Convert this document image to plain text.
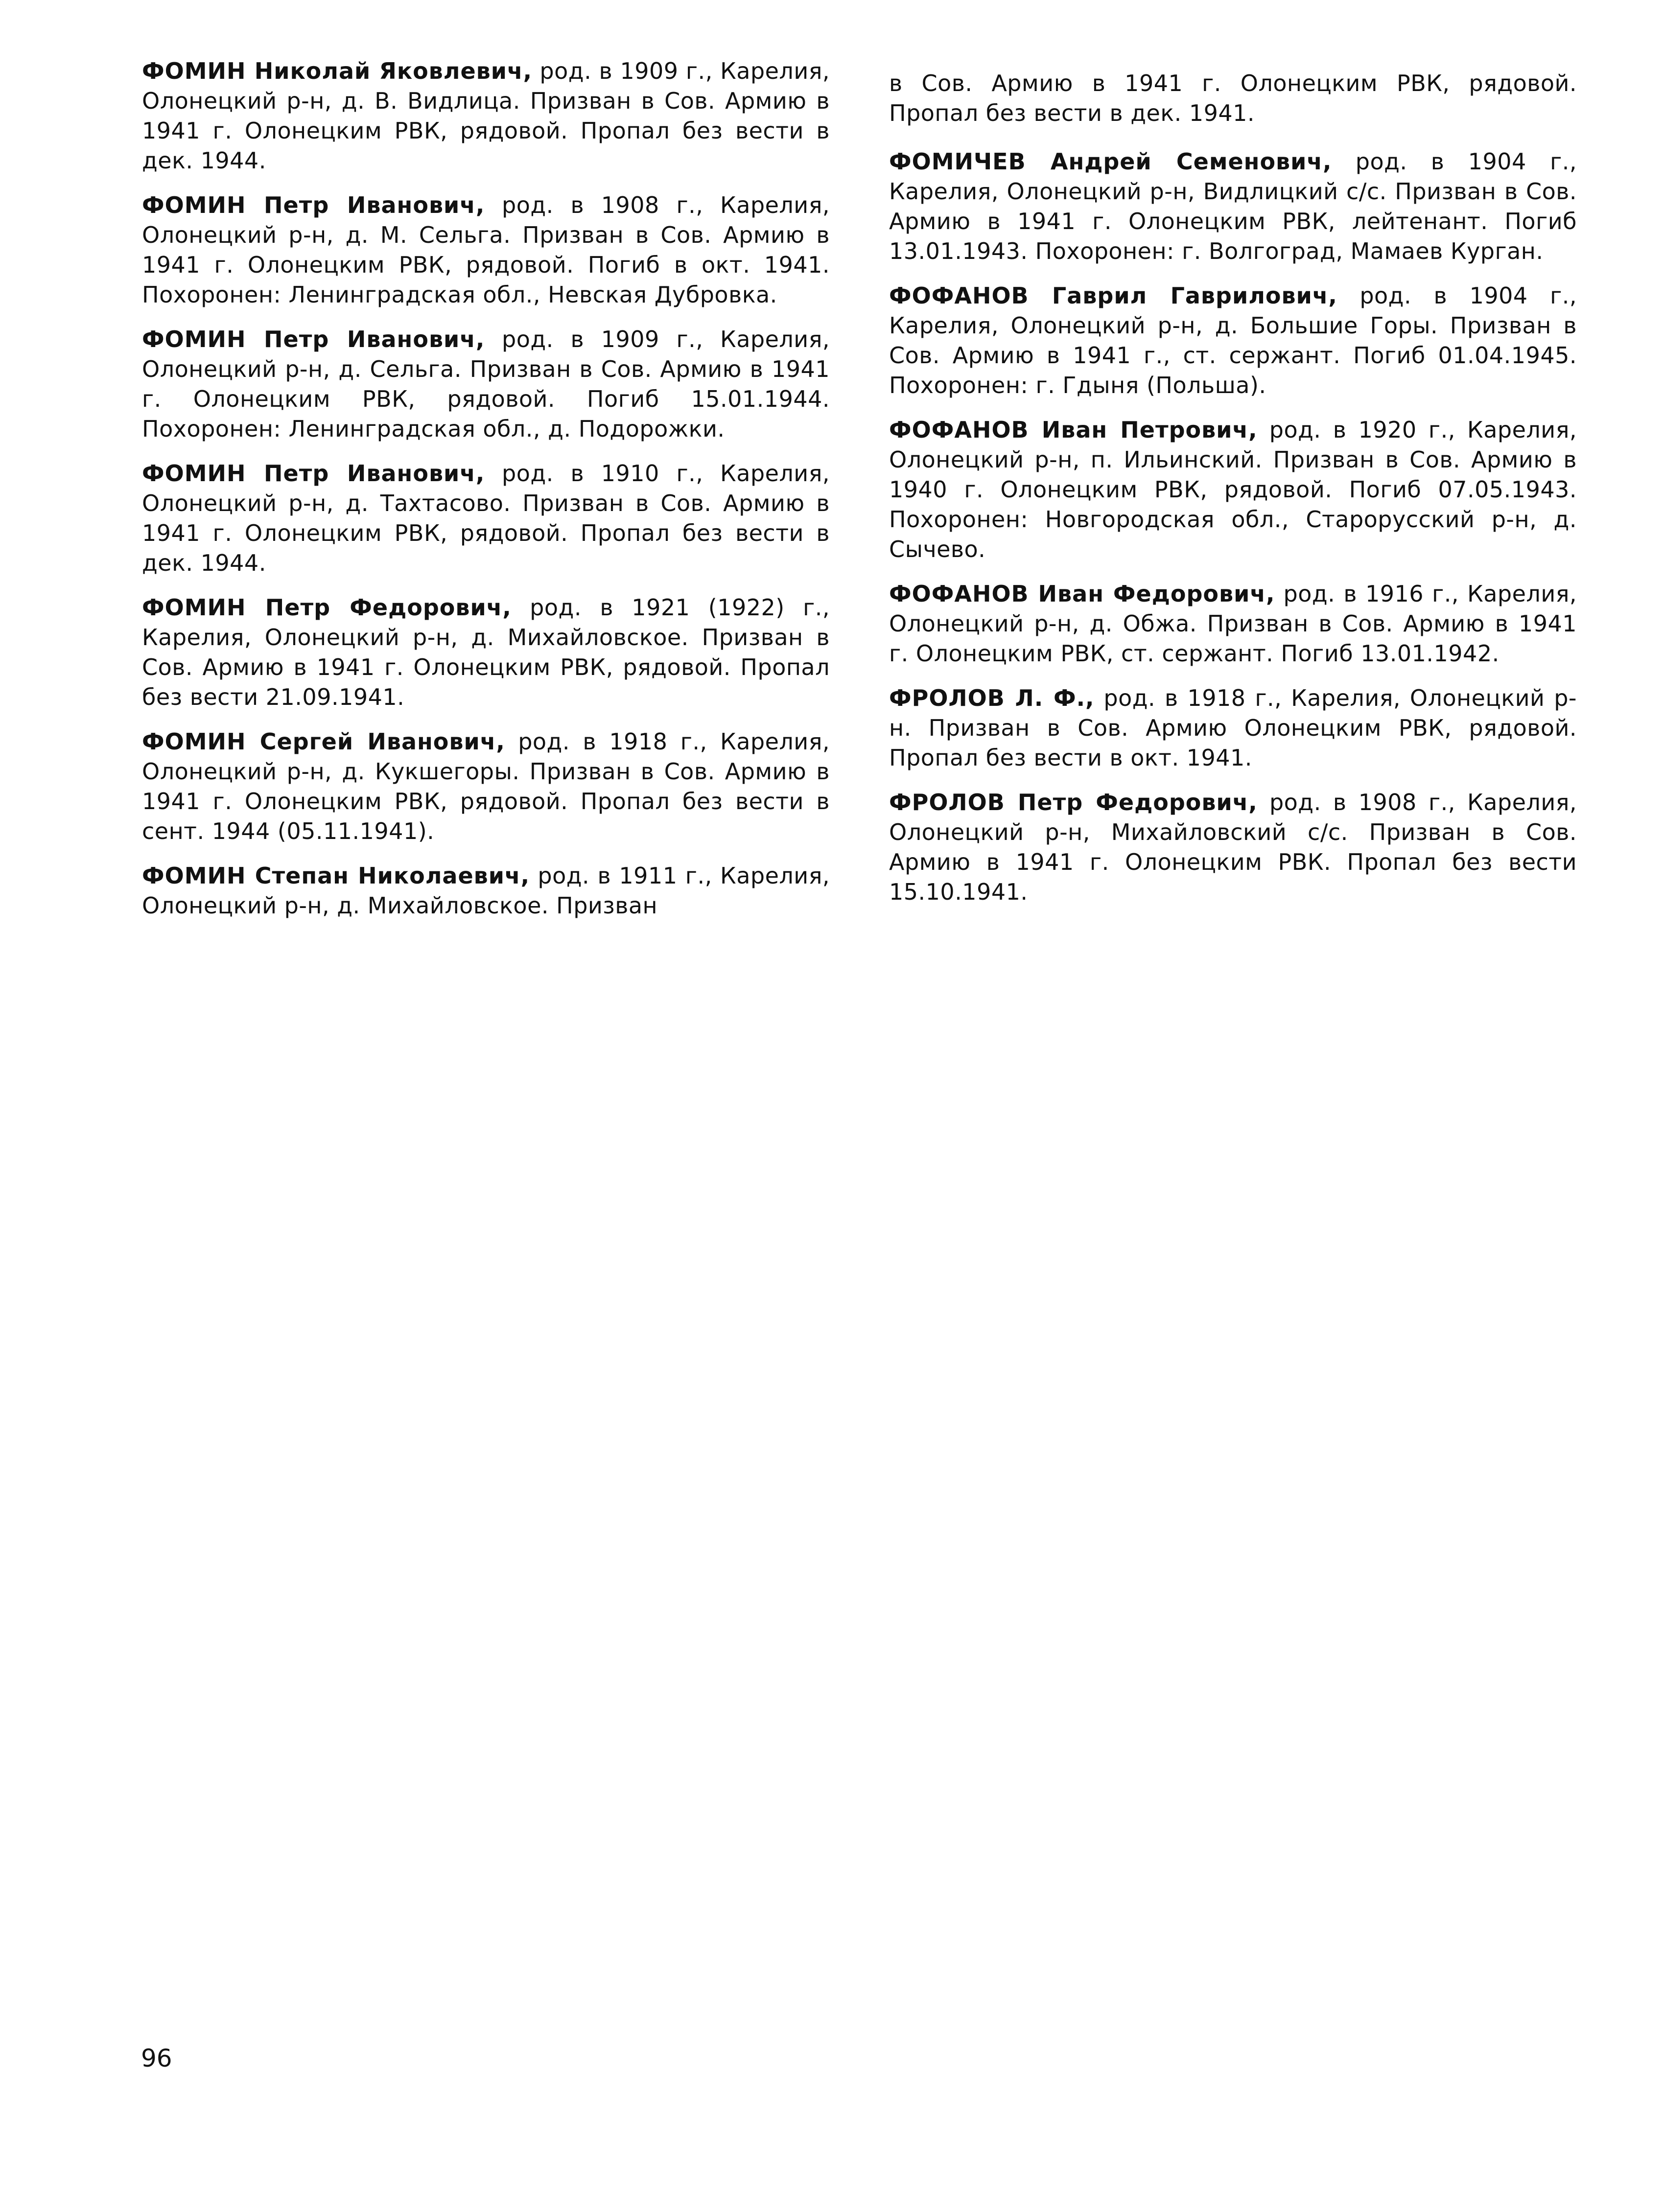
ФОМИН Николай Яковлевич, род. в 1909 г., Карелия, Олонецкий р-н, д. В. Видлица. Призван в Сов. Армию в 1941 г. Олонецким РВК, рядовой. Пропал без вести в дек. 1944.

ФОМИН Петр Иванович, род. в 1908 г., Карелия, Олонецкий р-н, д. М. Сельга. Призван в Сов. Армию в 1941 г. Олонецким РВК, рядовой. Погиб в окт. 1941. Похоронен: Ленинградская обл., Невская Дубровка.

ФОМИН Петр Иванович, род. в 1909 г., Карелия, Олонецкий р-н, д. Сельга. Призван в Сов. Армию в 1941 г. Олонецким РВК, рядовой. Погиб 15.01.1944. Похоронен: Ленинградская обл., д. Подорожки.

ФОМИН Петр Иванович, род. в 1910 г., Карелия, Олонецкий р-н, д. Тахтасово. Призван в Сов. Армию в 1941 г. Олонецким РВК, рядовой. Пропал без вести в дек. 1944.

ФОМИН Петр Федорович, род. в 1921 (1922) г., Карелия, Олонецкий р-н, д. Михайловское. Призван в Сов. Армию в 1941 г. Олонецким РВК, рядовой. Пропал без вести 21.09.1941.

ФОМИН Сергей Иванович, род. в 1918 г., Карелия, Олонецкий р-н, д. Кукшегоры. Призван в Сов. Армию в 1941 г. Олонецким РВК, рядовой. Пропал без вести в сент. 1944 (05.11.1941).

ФОМИН Степан Николаевич, род. в 1911 г., Карелия, Олонецкий р-н, д. Михайловское. Призван

в Сов. Армию в 1941 г. Олонецким РВК, рядовой. Пропал без вести в дек. 1941.

ФОМИЧЕВ Андрей Семенович, род. в 1904 г., Карелия, Олонецкий р-н, Видлицкий с/с. Призван в Сов. Армию в 1941 г. Олонецким РВК, лейтенант. Погиб 13.01.1943. Похоронен: г. Волгоград, Мамаев Курган.

ФОФАНОВ Гаврил Гаврилович, род. в 1904 г., Карелия, Олонецкий р-н, д. Большие Горы. Призван в Сов. Армию в 1941 г., ст. сержант. Погиб 01.04.1945. Похоронен: г. Гдыня (Польша).

ФОФАНОВ Иван Петрович, род. в 1920 г., Карелия, Олонецкий р-н, п. Ильинский. Призван в Сов. Армию в 1940 г. Олонецким РВК, рядовой. Погиб 07.05.1943. Похоронен: Новгородская обл., Старорусский р-н, д. Сычево.

ФОФАНОВ Иван Федорович, род. в 1916 г., Карелия, Олонецкий р-н, д. Обжа. Призван в Сов. Армию в 1941 г. Олонецким РВК, ст. сержант. Погиб 13.01.1942.

ФРОЛОВ Л. Ф., род. в 1918 г., Карелия, Олонецкий р-н. Призван в Сов. Армию Олонецким РВК, рядовой. Пропал без вести в окт. 1941.

ФРОЛОВ Петр Федорович, род. в 1908 г., Карелия, Олонецкий р-н, Михайловский с/с. Призван в Сов. Армию в 1941 г. Олонецким РВК. Пропал без вести 15.10.1941.

96
